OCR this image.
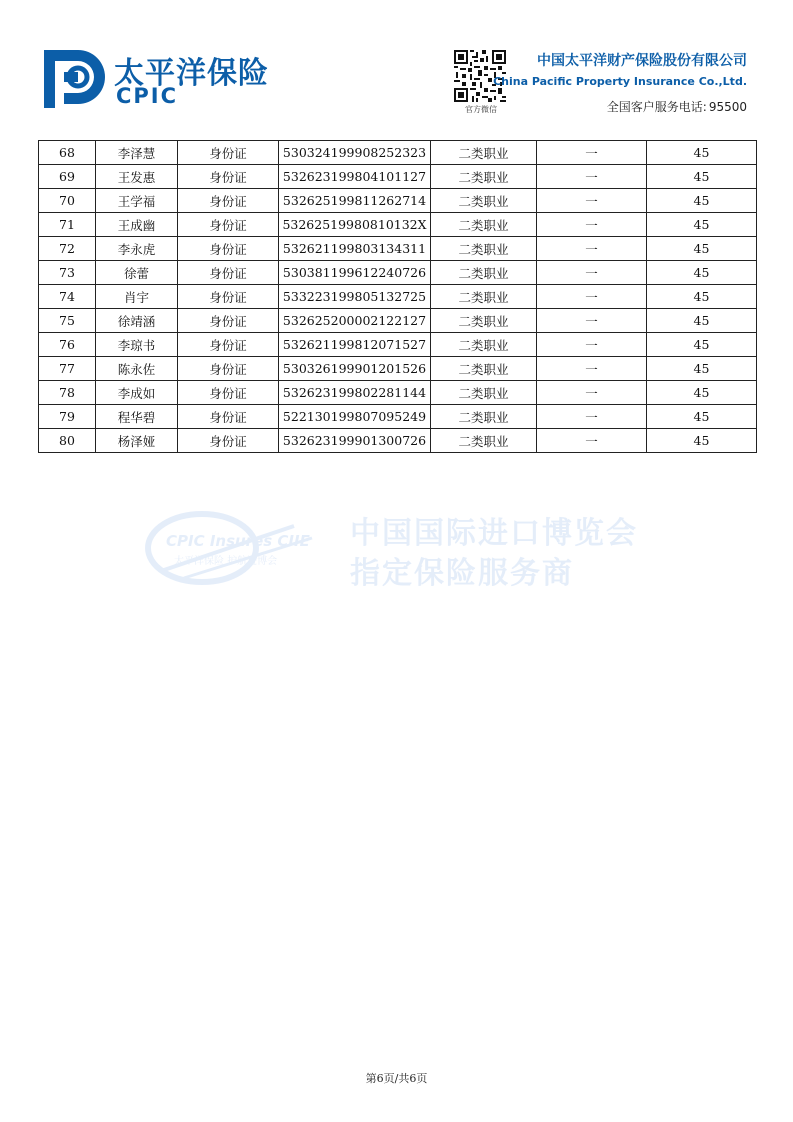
太平洋保险
CPIC
官方微信
中国太平洋财产保险股份有限公司
China Pacific Property Insurance Co.,Ltd.
全国客户服务电话: 95500
68	李泽慧	身份证	530324199908252323	二类职业	一	45
69	王发惠	身份证	532623199804101127	二类职业	一	45
70	王学福	身份证	532625199811262714	二类职业	一	45
71	王成幽	身份证	53262519980810132X	二类职业	一	45
72	李永虎	身份证	532621199803134311	二类职业	一	45
73	徐蕾	身份证	530381199612240726	二类职业	一	45
74	肖宇	身份证	533223199805132725	二类职业	一	45
75	徐靖涵	身份证	532625200002122127	二类职业	一	45
76	李琼书	身份证	532621199812071527	二类职业	一	45
77	陈永佐	身份证	530326199901201526	二类职业	一	45
78	李成如	身份证	532623199802281144	二类职业	一	45
79	程华碧	身份证	522130199807095249	二类职业	一	45
80	杨泽娅	身份证	532623199901300726	二类职业	一	45
CPIC Insures CIIE
太平洋保险 护航进博会
中国国际进口博览会
指定保险服务商
第6页/共6页
